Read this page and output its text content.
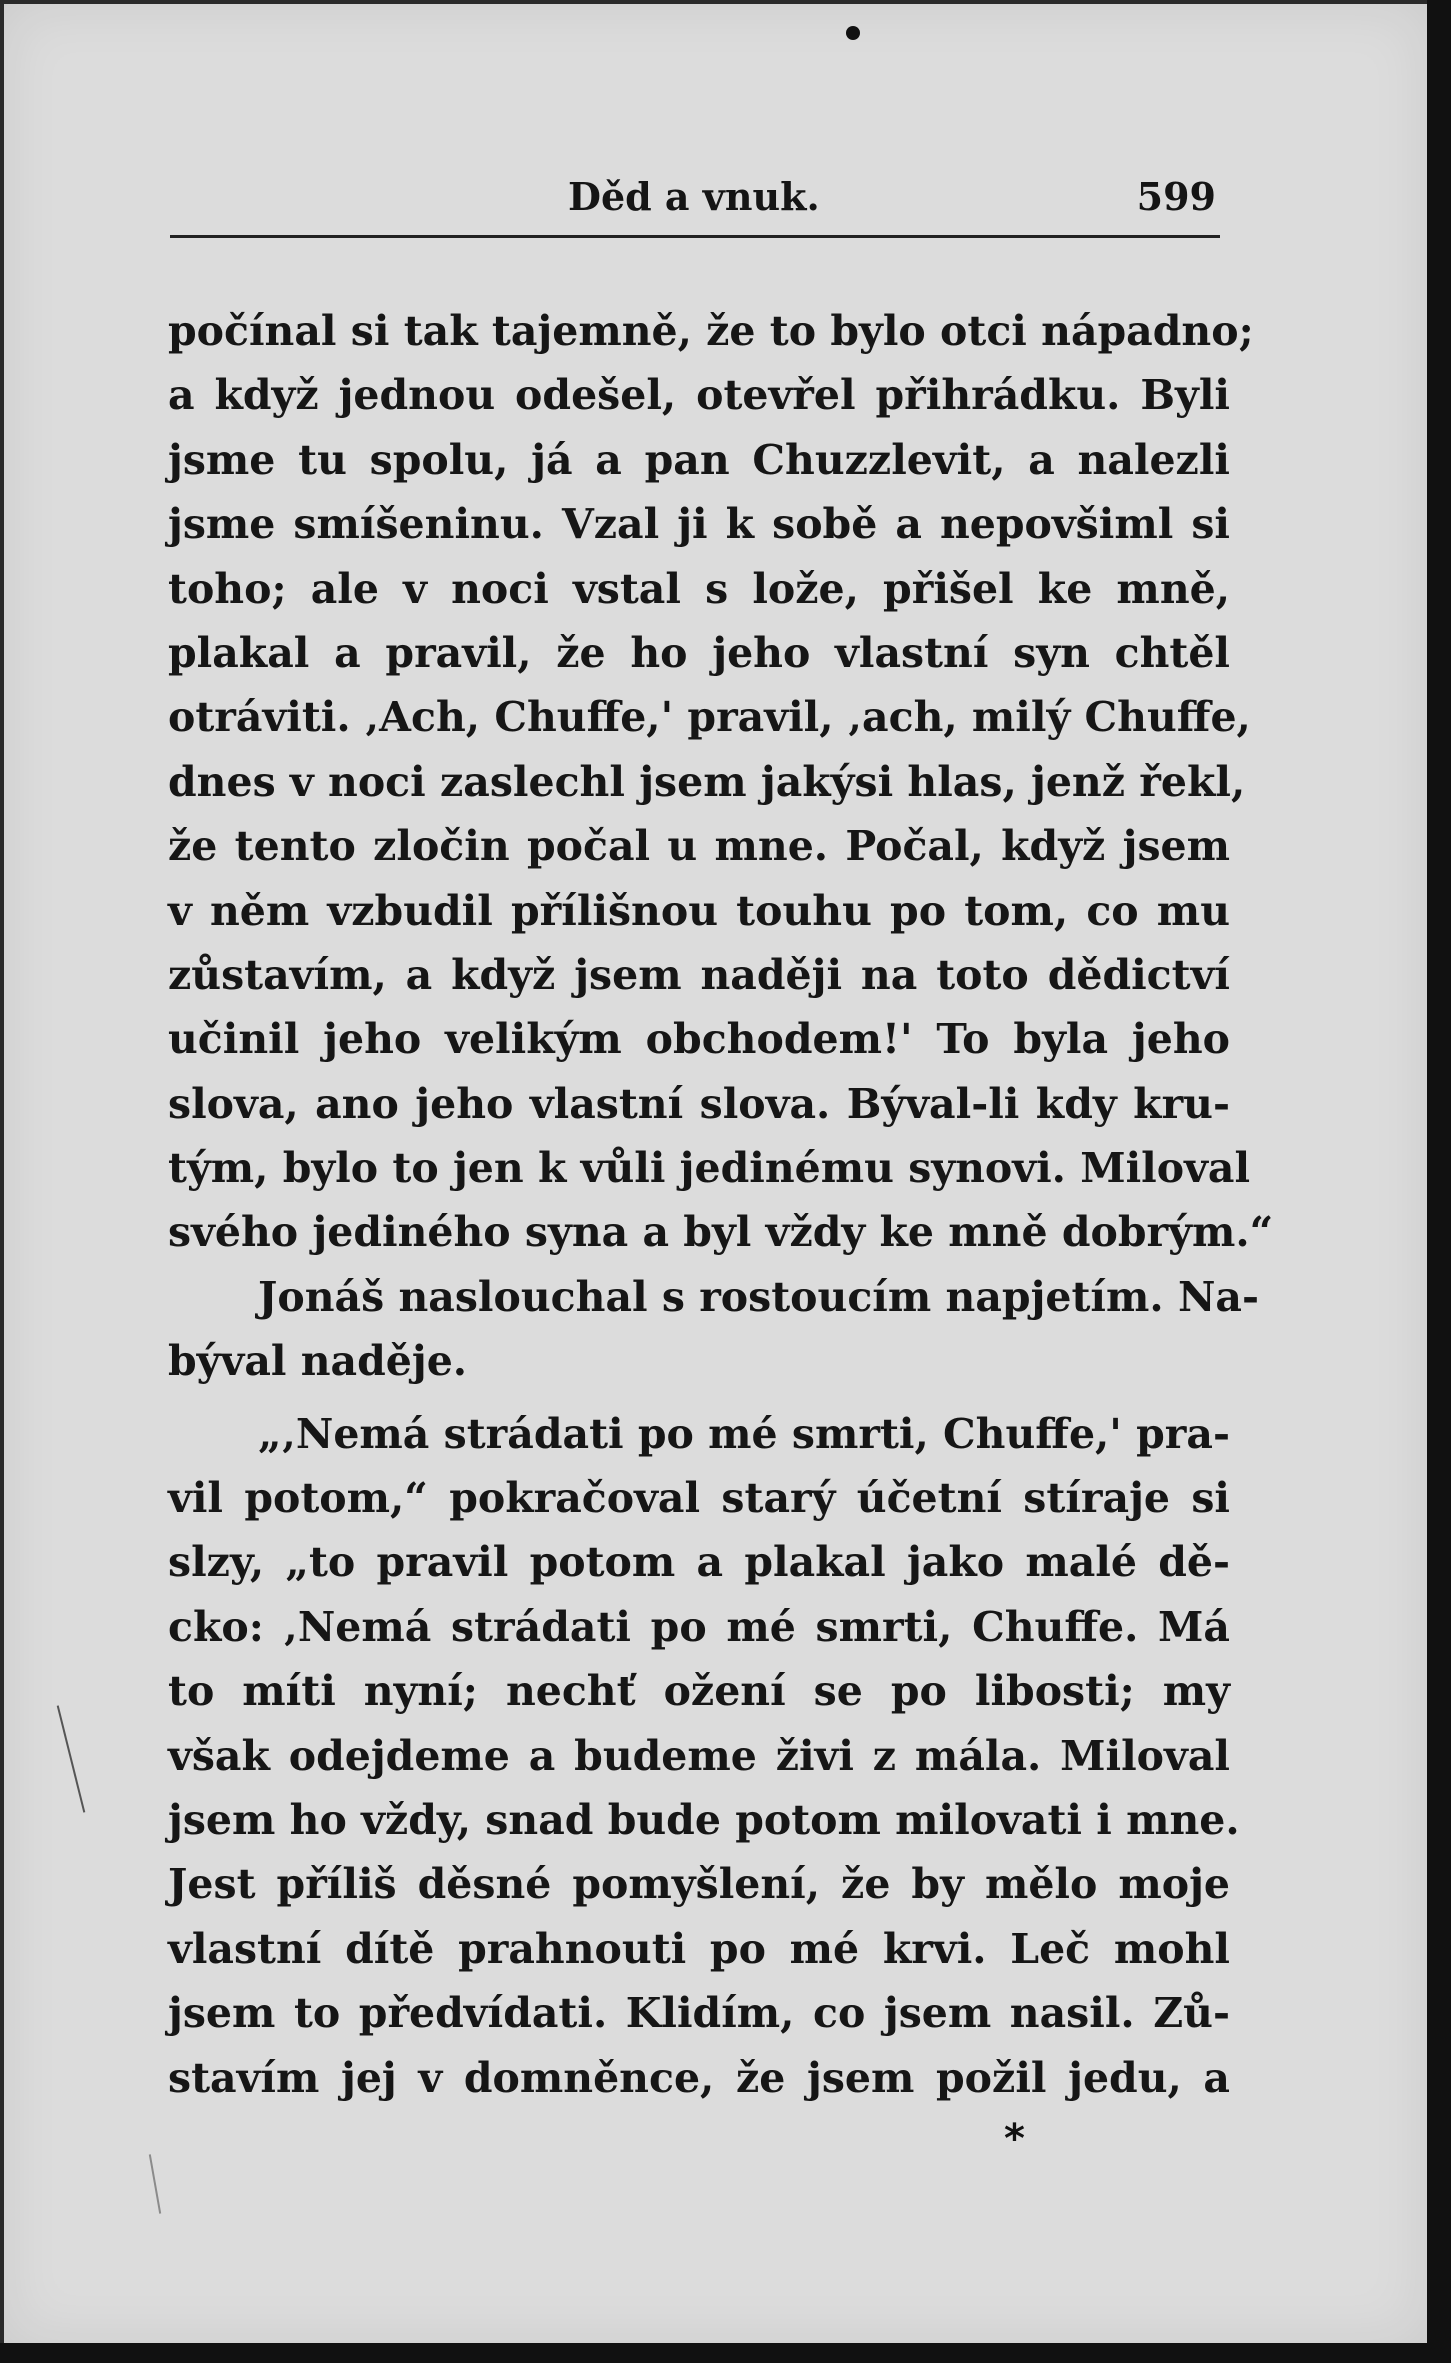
Děd a vnuk.	599
počínal si tak tajemně, že to bylo otci nápadno;
a když jednou odešel, otevřel přihrádku. Byli
jsme tu spolu, já a pan Chuzzlevit, a nalezli
jsme smíšeninu. Vzal ji k sobě a nepovšiml si
toho; ale v noci vstal s lože, přišel ke mně,
plakal a pravil, že ho jeho vlastní syn chtěl
otráviti. ‚Ach, Chuffe,' pravil, ‚ach, milý Chuffe,
dnes v noci zaslechl jsem jakýsi hlas, jenž řekl,
že tento zločin počal u mne. Počal, když jsem
v něm vzbudil přílišnou touhu po tom, co mu
zůstavím, a když jsem naději na toto dědictví
učinil jeho velikým obchodem!' To byla jeho
slova, ano jeho vlastní slova. Býval-li kdy kru-
tým, bylo to jen k vůli jedinému synovi. Miloval
svého jediného syna a byl vždy ke mně dobrým.“
Jonáš naslouchal s rostoucím napjetím. Na-
býval naděje.
„‚Nemá strádati po mé smrti, Chuffe,' pra-
vil potom,“ pokračoval starý účetní stíraje si
slzy, „to pravil potom a plakal jako malé dě-
cko: ‚Nemá strádati po mé smrti, Chuffe. Má
to míti nyní; nechť ožení se po libosti; my
však odejdeme a budeme živi z mála. Miloval
jsem ho vždy, snad bude potom milovati i mne.
Jest příliš děsné pomyšlení, že by mělo moje
vlastní dítě prahnouti po mé krvi. Leč mohl
jsem to předvídati. Klidím, co jsem nasil. Zů-
stavím jej v domněnce, že jsem požil jedu, a
*
